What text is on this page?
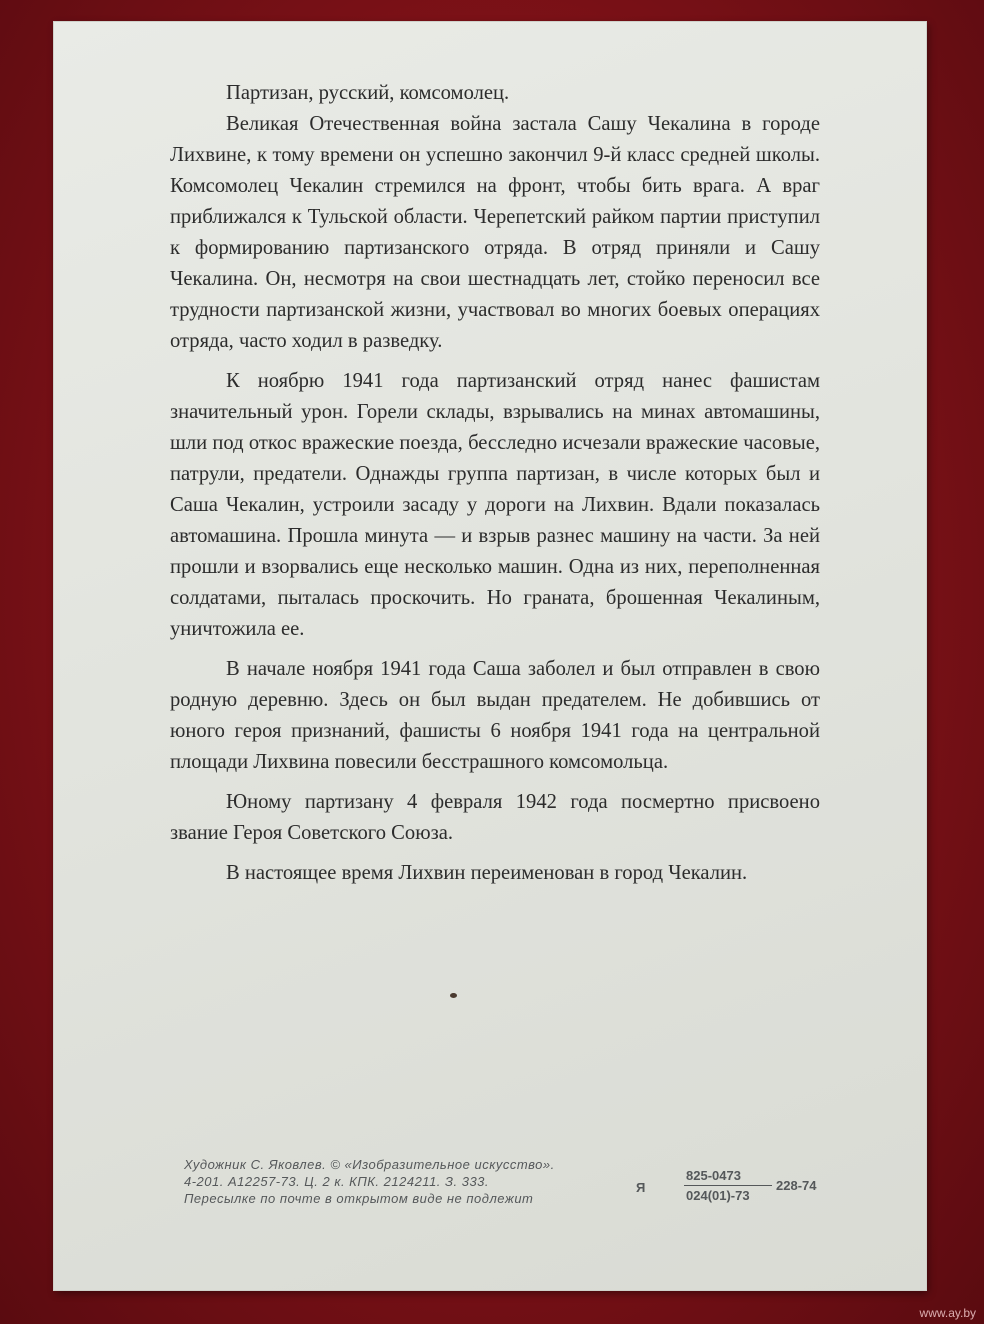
Партизан, русский, комсомолец.

Великая Отечественная война застала Сашу Чекалина в городе Лихвине, к тому времени он успешно закончил 9-й класс средней школы. Комсомолец Чекалин стремился на фронт, чтобы бить врага. А враг приближался к Тульской области. Черепетский райком партии приступил к формированию партизанского отряда. В отряд приняли и Сашу Чекалина. Он, несмотря на свои шестнадцать лет, стойко переносил все трудности партизанской жизни, участвовал во многих боевых операциях отряда, часто ходил в разведку.

К ноябрю 1941 года партизанский отряд нанес фашистам значительный урон. Горели склады, взрывались на минах автомашины, шли под откос вражеские поезда, бесследно исчезали вражеские часовые, патрули, предатели. Однажды группа партизан, в числе которых был и Саша Чекалин, устроили засаду у дороги на Лихвин. Вдали показалась автомашина. Прошла минута — и взрыв разнес машину на части. За ней прошли и взорвались еще несколько машин. Одна из них, переполненная солдатами, пыталась проскочить. Но граната, брошенная Чекалиным, уничтожила ее.

В начале ноября 1941 года Саша заболел и был отправлен в свою родную деревню. Здесь он был выдан предателем. Не добившись от юного героя признаний, фашисты 6 ноября 1941 года на центральной площади Лихвина повесили бесстрашного комсомольца.

Юному партизану 4 февраля 1942 года посмертно присвоено звание Героя Советского Союза.

В настоящее время Лихвин переименован в город Чекалин.

Художник С. Яковлев. © «Изобразительное искусство».
4-201. А12257-73. Ц. 2 к. КПК. 2124211. З. 333.
Пересылке по почте в открытом виде не подлежит
Я
825-0473
024(01)-73
228-74
www.ay.by
